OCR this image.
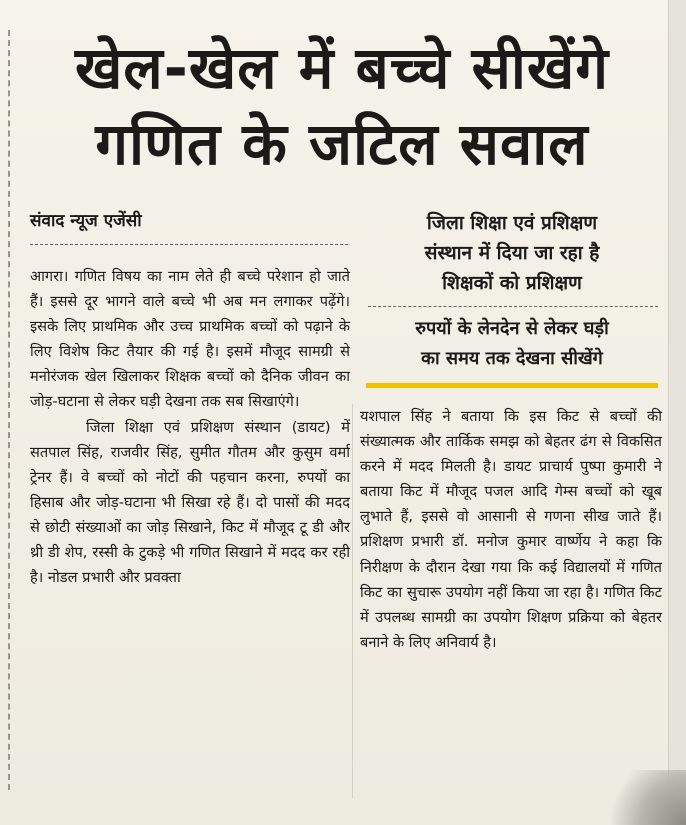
खेल-खेल में बच्चे सीखेंगे
गणित के जटिल सवाल

संवाद न्यूज एजेंसी	जिला शिक्षा एवं प्रशिक्षण
संस्थान में दिया जा रहा है
शिक्षकों को प्रशिक्षण

रुपयों के लेनदेन से लेकर घड़ी
का समय तक देखना सीखेंगे

आगरा। गणित विषय का नाम लेते ही बच्चे परेशान हो जाते हैं। इससे दूर भागने वाले बच्चे भी अब मन लगाकर पढ़ेंगे। इसके लिए प्राथमिक और उच्च प्राथमिक बच्चों को पढ़ाने के लिए विशेष किट तैयार की गई है। इसमें मौजूद सामग्री से मनोरंजक खेल खिलाकर शिक्षक बच्चों को दैनिक जीवन का जोड़-घटाना से लेकर घड़ी देखना तक सब सिखाएंगे।

जिला शिक्षा एवं प्रशिक्षण संस्थान (डायट) में सतपाल सिंह, राजवीर सिंह, सुमीत गौतम और कुसुम वर्मा ट्रेनर हैं। वे बच्चों को नोटों की पहचान करना, रुपयों का हिसाब और जोड़-घटाना भी सिखा रहे हैं। दो पासों की मदद से छोटी संख्याओं का जोड़ सिखाने, किट में मौजूद टू डी और थ्री डी शेप, रस्सी के टुकड़े भी गणित सिखाने में मदद कर रही है। नोडल प्रभारी और प्रवक्ता

यशपाल सिंह ने बताया कि इस किट से बच्चों की संख्यात्मक और तार्किक समझ को बेहतर ढंग से विकसित करने में मदद मिलती है। डायट प्राचार्य पुष्पा कुमारी ने बताया किट में मौजूद पजल आदि गेम्स बच्चों को खूब लुभाते हैं, इससे वो आसानी से गणना सीख जाते हैं। प्रशिक्षण प्रभारी डॉ. मनोज कुमार वार्ष्णेय ने कहा कि निरीक्षण के दौरान देखा गया कि कई विद्यालयों में गणित किट का सुचारू उपयोग नहीं किया जा रहा है। गणित किट में उपलब्ध सामग्री का उपयोग शिक्षण प्रक्रिया को बेहतर बनाने के लिए अनिवार्य है।
